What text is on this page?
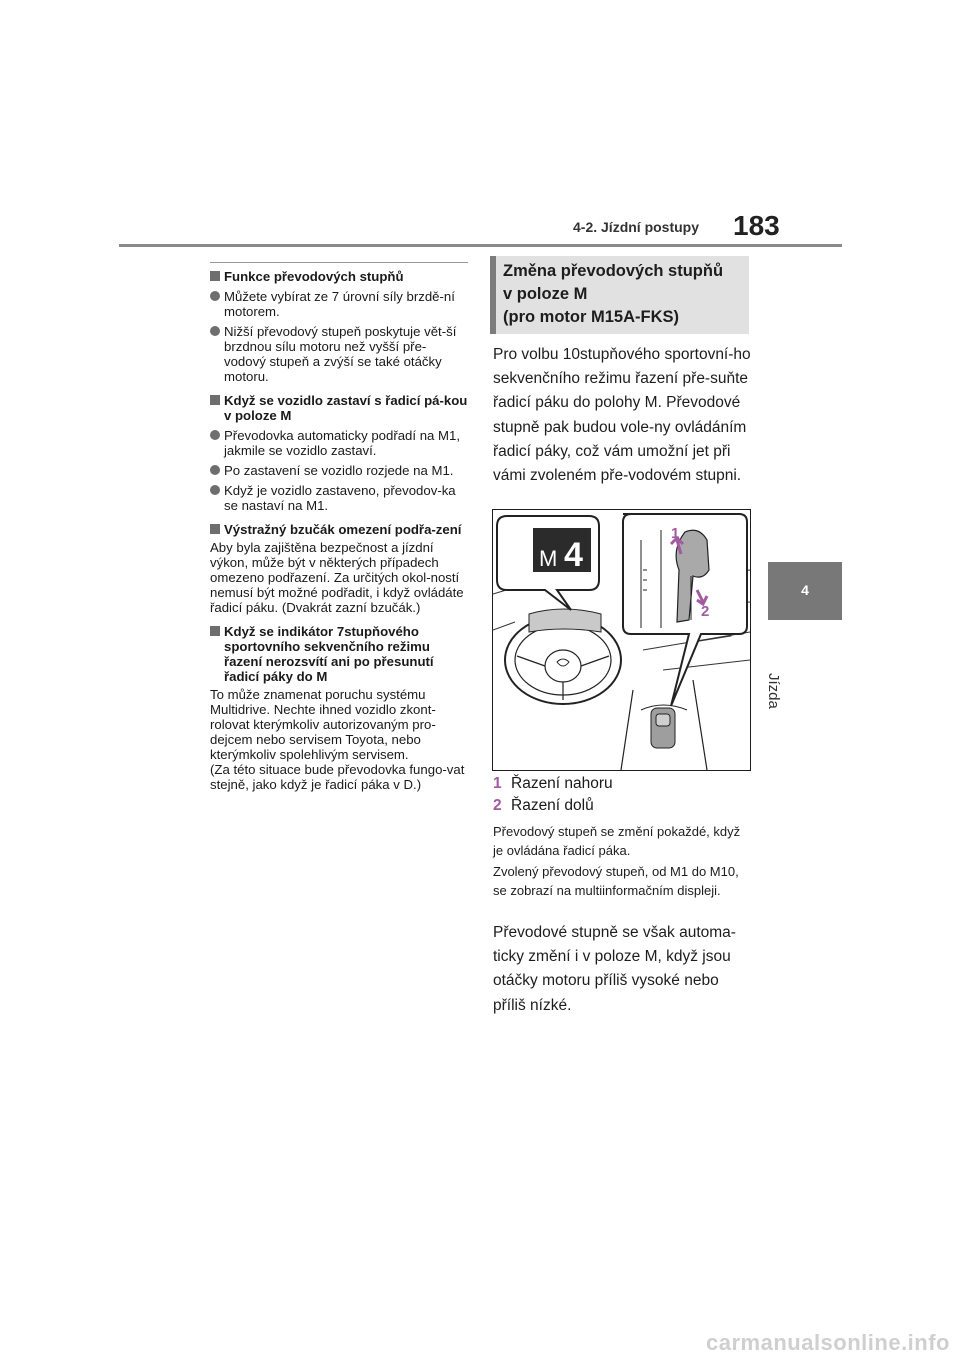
4-2. Jízdní postupy 183
4
Jízda
Funkce převodových stupňů
Můžete vybírat ze 7 úrovní síly brzdě-ní motorem.
Nižší převodový stupeň poskytuje vět-ší brzdnou sílu motoru než vyšší pře-vodový stupeň a zvýší se také otáčky motoru.
Když se vozidlo zastaví s řadicí pá-kou v poloze M
Převodovka automaticky podřadí na M1, jakmile se vozidlo zastaví.
Po zastavení se vozidlo rozjede na M1.
Když je vozidlo zastaveno, převodov-ka se nastaví na M1.
Výstražný bzučák omezení podřa-zení
Aby byla zajištěna bezpečnost a jízdní výkon, může být v některých případech omezeno podřazení. Za určitých okol-ností nemusí být možné podřadit, i když ovládáte řadicí páku. (Dvakrát zazní bzučák.)
Když se indikátor 7stupňového sportovního sekvenčního režimu řazení nerozsvítí ani po přesunutí řadicí páky do M
To může znamenat poruchu systému Multidrive. Nechte ihned vozidlo zkont-rolovat kterýmkoliv autorizovaným pro-dejcem nebo servisem Toyota, nebo kterýmkoliv spolehlivým servisem.
(Za této situace bude převodovka fungo-vat stejně, jako když je řadicí páka v D.)
Změna převodových stupňů
v poloze M
(pro motor M15A-FKS)
Pro volbu 10stupňového sportovní-ho sekvenčního režimu řazení pře-suňte řadicí páku do polohy M. Převodové stupně pak budou vole-ny ovládáním řadicí páky, což vám umožní jet při vámi zvoleném pře-vodovém stupni.
M 4
1
2
1 Řazení nahoru
2 Řazení dolů
Převodový stupeň se změní pokaždé, když je ovládána řadicí páka.
Zvolený převodový stupeň, od M1 do M10, se zobrazí na multiinformačním displeji.
Převodové stupně se však automa-ticky změní i v poloze M, když jsou otáčky motoru příliš vysoké nebo příliš nízké.
carmanualsonline.info
